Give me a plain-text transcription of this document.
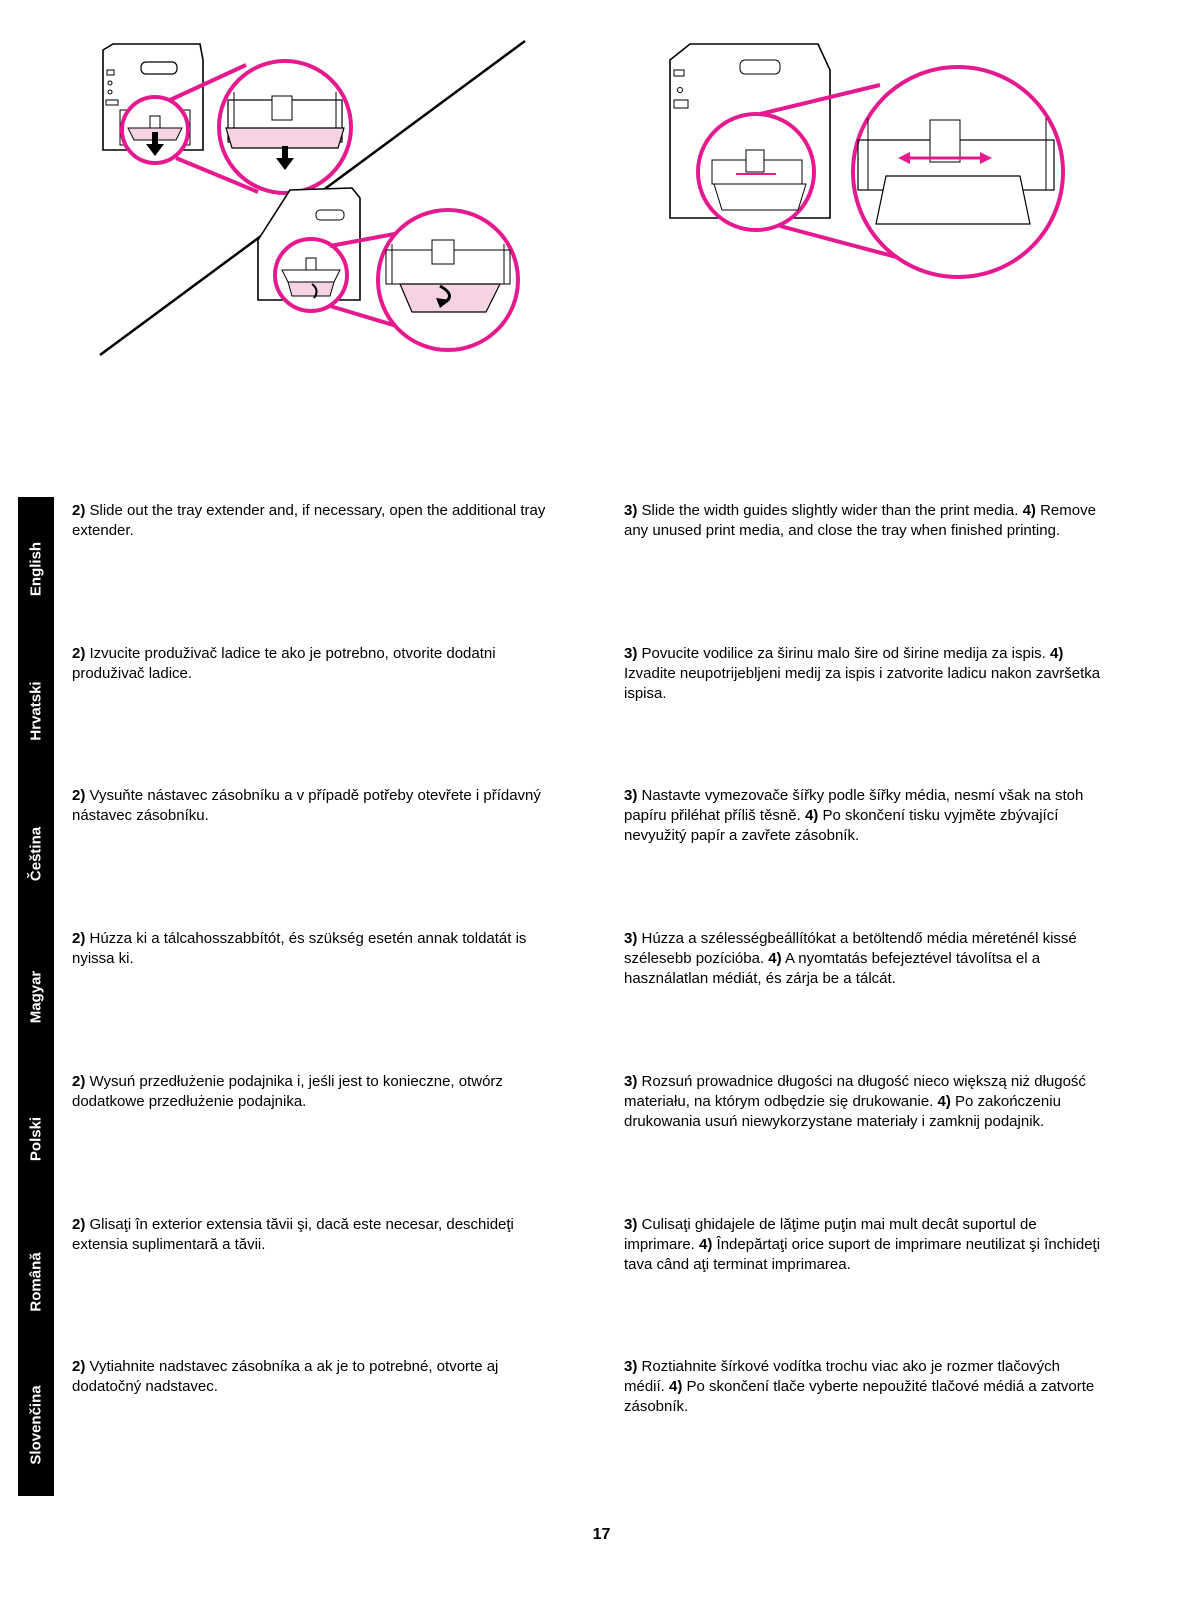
English
2) Slide out the tray extender and, if necessary, open the additional tray extender.
3) Slide the width guides slightly wider than the print media. 4) Remove any unused print media, and close the tray when finished printing.
Hrvatski
2) Izvucite produživač ladice te ako je potrebno, otvorite dodatni produživač ladice.
3) Povucite vodilice za širinu malo šire od širine medija za ispis. 4) Izvadite neupotrijebljeni medij za ispis i zatvorite ladicu nakon završetka ispisa.
Čeština
2) Vysuňte nástavec zásobníku a v případě potřeby otevřete i přídavný nástavec zásobníku.
3) Nastavte vymezovače šířky podle šířky média, nesmí však na stoh papíru přiléhat příliš těsně. 4) Po skončení tisku vyjměte zbývající nevyužitý papír a zavřete zásobník.
Magyar
2) Húzza ki a tálcahosszabbítót, és szükség esetén annak toldatát is nyissa ki.
3) Húzza a szélességbeállítókat a betöltendő média méreténél kissé szélesebb pozícióba. 4) A nyomtatás befejeztével távolítsa el a használatlan médiát, és zárja be a tálcát.
Polski
2) Wysuń przedłużenie podajnika i, jeśli jest to konieczne, otwórz dodatkowe przedłużenie podajnika.
3) Rozsuń prowadnice długości na długość nieco większą niż długość materiału, na którym odbędzie się drukowanie. 4) Po zakończeniu drukowania usuń niewykorzystane materiały i zamknij podajnik.
Română
2) Glisaţi în exterior extensia tăvii şi, dacă este necesar, deschideţi extensia suplimentară a tăvii.
3) Culisaţi ghidajele de lăţime puţin mai mult decât suportul de imprimare. 4) Îndepărtaţi orice suport de imprimare neutilizat şi închideţi tava când aţi terminat imprimarea.
Slovenčina
2) Vytiahnite nadstavec zásobníka a ak je to potrebné, otvorte aj dodatočný nadstavec.
3) Roztiahnite šírkové vodítka trochu viac ako je rozmer tlačových médií. 4) Po skončení tlače vyberte nepoužité tlačové médiá a zatvorte zásobník.
17
